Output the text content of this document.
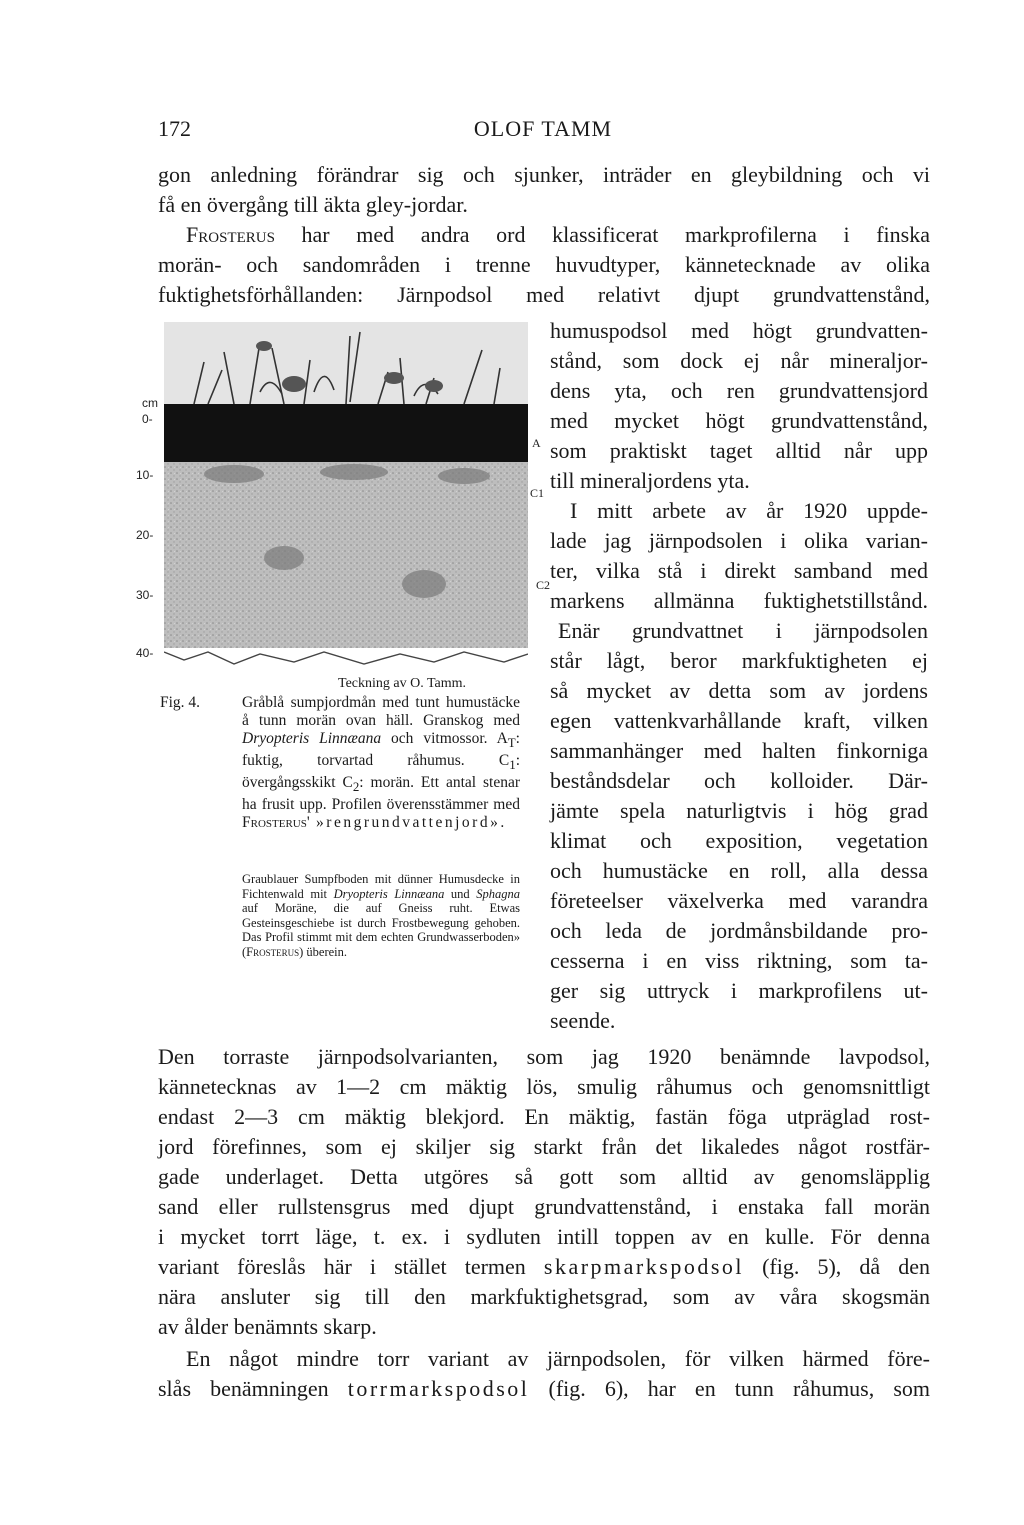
172	OLOF TAMM
gon anledning förändrar sig och sjunker, inträder en gleybildning och vi
få en övergång till äkta gley-jordar.
Frosterus har med andra ord klassificerat markprofilerna i finska
morän- och sandområden i trenne huvudtyper, kännetecknade av olika
fuktighetsförhållanden: Järnpodsol med relativt djupt grundvattenstånd,
cm
0-
10-
20-
30-
40-
A
C1
C2
humuspodsol med högt grundvatten-
stånd, som dock ej når mineraljor-
dens yta, och ren grundvattensjord
med mycket högt grundvattenstånd,
som praktiskt taget alltid når upp
till mineraljordens yta.
I mitt arbete av år 1920 uppde-
lade jag järnpodsolen i olika varian-
ter, vilka stå i direkt samband med
markens allmänna fuktighetstillstånd.
Enär grundvattnet i järnpodsolen
står lågt, beror markfuktigheten ej
så mycket av detta som av jordens
egen vattenkvarhållande kraft, vilken
sammanhänger med halten finkorniga
beståndsdelar och kolloider. Där-
jämte spela naturligtvis i hög grad
klimat och exposition, vegetation
och humustäcke en roll, alla dessa
företeelser växelverka med varandra
och leda de jordmånsbildande pro-
cesserna i en viss riktning, som ta-
ger sig uttryck i markprofilens ut-
seende.
Teckning av O. Tamm.
Fig. 4.	Gråblå sumpjordmån med tunt humustäcke å tunn morän ovan häll. Granskog med Dryopteris Linnæana och vitmossor. $A_T$: fuktig, torvartad råhumus. $C_1$: övergångsskikt $C_2$: morän. Ett antal stenar ha frusit upp. Profilen överensstämmer med Frosterus' »rengrundvattenjord».
Graublauer Sumpfboden mit dünner Humusdecke in Fichtenwald mit Dryopteris Linnæana und Sphagna auf Moräne, die auf Gneiss ruht. Etwas Gesteinsgeschiebe ist durch Frostbewegung gehoben. Das Profil stimmt mit dem echten Grundwasserboden» (Frosterus) überein.
Den torraste järnpodsolvarianten, som jag 1920 benämnde lavpodsol,
kännetecknas av 1—2 cm mäktig lös, smulig råhumus och genomsnittligt
endast 2—3 cm mäktig blekjord. En mäktig, fastän föga utpräglad rost-
jord förefinnes, som ej skiljer sig starkt från det likaledes något rostfär-
gade underlaget. Detta utgöres så gott som alltid av genomsläpplig
sand eller rullstensgrus med djupt grundvattenstånd, i enstaka fall morän
i mycket torrt läge, t. ex. i sydluten intill toppen av en kulle. För denna
variant föreslås här i stället termen skarpmarkspodsol (fig. 5), då den
nära ansluter sig till den markfuktighetsgrad, som av våra skogsmän
av ålder benämnts skarp.
En något mindre torr variant av järnpodsolen, för vilken härmed före-
slås benämningen torrmarkspodsol (fig. 6), har en tunn råhumus, som
